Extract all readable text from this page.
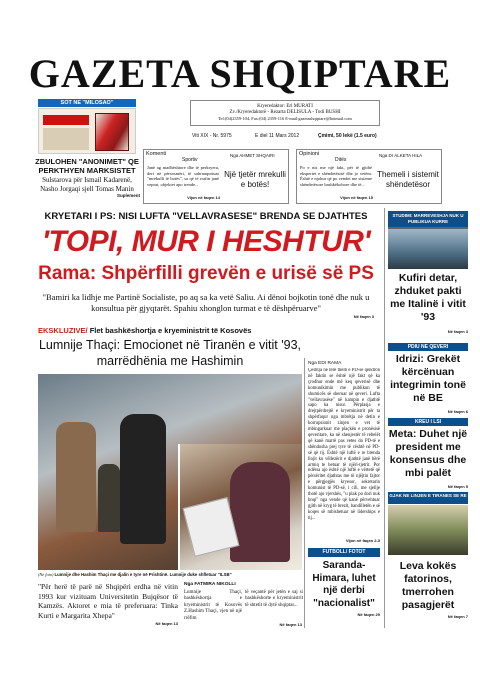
GAZETA SHQIPTARE
SOT NE "MILOSAO"
ZBULOHEN "ANONIMET" QE PERKTHYEN MARKSISTET
Sulstarova për Ismail Kadarenë, Nasho Jorgaqi sjell Tomas Manin
Suplement
Kryeredaktor: Erl MURATI
Zv./Kryeredaktorë - Rezarta DELISULA - Todi BUSHI
Tel:(04)2359-104, Fax:(04) 2359-116 E-mail:gazetashqiptare@hotmail.com
Viti XIX - Nr. 5975	E diel 11 Mars 2012	Çmimi, 50 lekë (1.5 euro)
Komenti
Sportiv
Nga AHMET SHQAIRI
Janë ag madhështore dhe të perkryera, deri në përsosmëri, të sahruaqurtuar "mrekulli të botës", sa që të rrafin janë veprat, objektet apo trende...
Vijon në faqen 14
Një tjetër mrekulli e botës!
Opinioni
Ditës
Nga Dr ALKETA HILA
Po e nis me një fakt, për të gjithë ekspertet e shëndetësisë dhe jo vetëm. Është e njohur që po vendet me sisteme shëndetësore bashkëkohore dhe të...
Vijon në faqen 15
Themeli i sistemit shëndetësor
KRYETARI I PS: NISI LUFTA "VELLAVRASESE" BRENDA SE DJATHTES
'TOPI, MUR I HESHTUR'
Rama: Shpërfilli grevën e urisë së PS
"Bamiri ka lidhje me Partinë Socialiste, po aq sa ka vetë Saliu. Ai dënoi bojkotin tonë dhe nuk u konsultua për gjyqtarët. Spahiu xhonglon turmat e të dëshpëruarve"
Në faqen 3
EKSKLUZIVE/ Flet bashkëshortja e kryeministrit të Kosovës
Lumnije Thaçi: Emocionet në Tiranën e vitit '93, marrëdhënia me Hashimin
(Në foto) Lumnije dhe Hashim Thaçi me djalin e tyre në Prishtinë. Lumnije duke shfletuar "ILSB"
"Për herë të parë në Shqipëri erdha në vitin 1993 kur vizituam Universitetin Bujqësor të Kamzës. Aktoret e mia të preferuara: Tinka Kurti e Margarita Xhepa"
Në faqen 13
Nga FATMIRA NIKOLLI
Lumnije Thaçi, bashkëshortja e kryeministrit të Kosovës Z.Hashim Thaçi, vjen në një rrëfim
të veçantë për jetën e saj si bashkëshorte e kryeministrit të shtetit të dytë shqiptar...
Në faqen 13
Nga EDI RAMA
Çështja në tërë thelb e PD-së qëndron në faktin se është një fakt që ka çrodhur ende më keq qeverisë dhe komunikimin me publikun të shumicës së sheruar në qeveri. Lufta "vellavrasëse" në kampin e djathtë sapo ka nisur. Përplasja e drejtpërdrejtë e kryeministrit për ta shpërfaqur nga mbrëtja në detin e korrupsionit zinjen e vet të mbingarkuar me plaçkën e pronësisë qeveritare, ka në shenjestër të rebelët që kanë marrë pas vetes do PD-të e shëndosha prej tyre të cështë në PD-së që tij. Është një luftë e re brenda llojit ku vëllezërit e djathtë janë bërë armiq te betuar të njëri-tjetrit. Por ndërsa ajo është një luftë e vërtetë që përsëritet djathtas me të njëjtin fajtor e përgjegjës kryesor, sekretarin komunist të PD-së, i cili, me sjellje thotë ajo vjershës, "u plak po dori nuk bnqi" nga vende që kanë përvehtuar gjith në kryg të brezit, bandilletën e së koqes së mbishetuar në liderships e tij...
Vijon në faqen 2-3
FUTBOLL/ FOTOT
Saranda-Himara, luhet një derbi "nacionalist"
Në faqen 29
STUDIMI: MARREVESHJA NUK U PUBLIKUA KURRE
Kufiri detar, zhduket pakti me Italinë i vitit '93
Në faqen 3
PDIU NE QEVERI
Idrizi: Grekët kërcënuan integrimin tonë në BE
Në faqen 6
KREU I LSI
Meta: Duhet një president me konsensus dhe mbi palët
Në faqen 5
GJAK NE LINJEN E TIRANES SE RE
Leva kokës fatorinos, tmerrohen pasagjerët
Në faqen 7
